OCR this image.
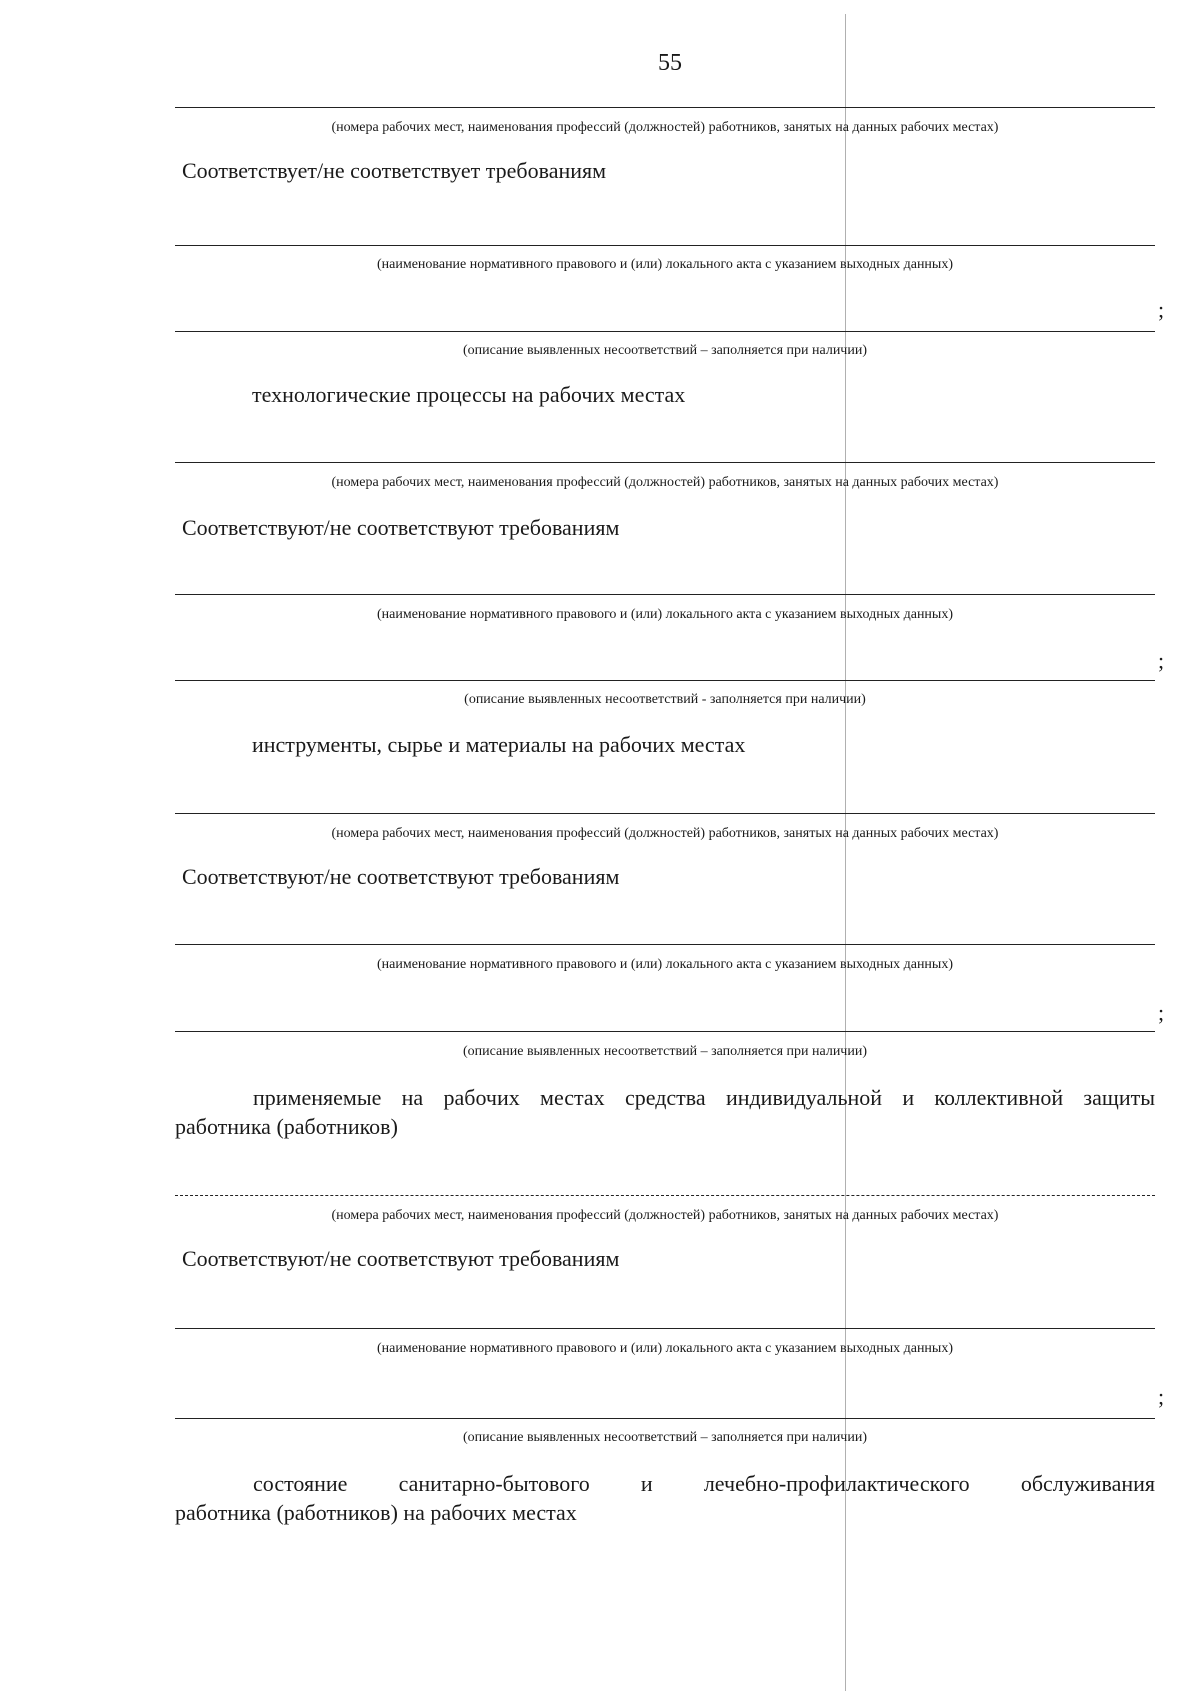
55
(номера рабочих мест, наименования профессий (должностей) работников, занятых на данных рабочих местах)
Соответствует/не соответствует требованиям
(наименование нормативного правового и (или) локального акта с указанием выходных данных)
;
(описание выявленных несоответствий – заполняется при наличии)
технологические процессы на рабочих местах
(номера рабочих мест, наименования профессий (должностей) работников, занятых на данных рабочих местах)
Соответствуют/не соответствуют требованиям
(наименование нормативного правового и (или) локального акта с указанием выходных данных)
;
(описание выявленных несоответствий - заполняется при наличии)
инструменты, сырье и материалы на рабочих местах
(номера рабочих мест, наименования профессий (должностей) работников, занятых на данных рабочих местах)
Соответствуют/не соответствуют требованиям
(наименование нормативного правового и (или) локального акта с указанием выходных данных)
;
(описание выявленных несоответствий – заполняется при наличии)
применяемые на рабочих местах средства индивидуальной и коллективной защиты
работника (работников)
(номера рабочих мест, наименования профессий (должностей) работников, занятых на данных рабочих местах)
Соответствуют/не соответствуют требованиям
(наименование нормативного правового и (или) локального акта с указанием выходных данных)
;
(описание выявленных несоответствий – заполняется при наличии)
состояние санитарно-бытового и лечебно-профилактического обслуживания
работника (работников) на рабочих местах
